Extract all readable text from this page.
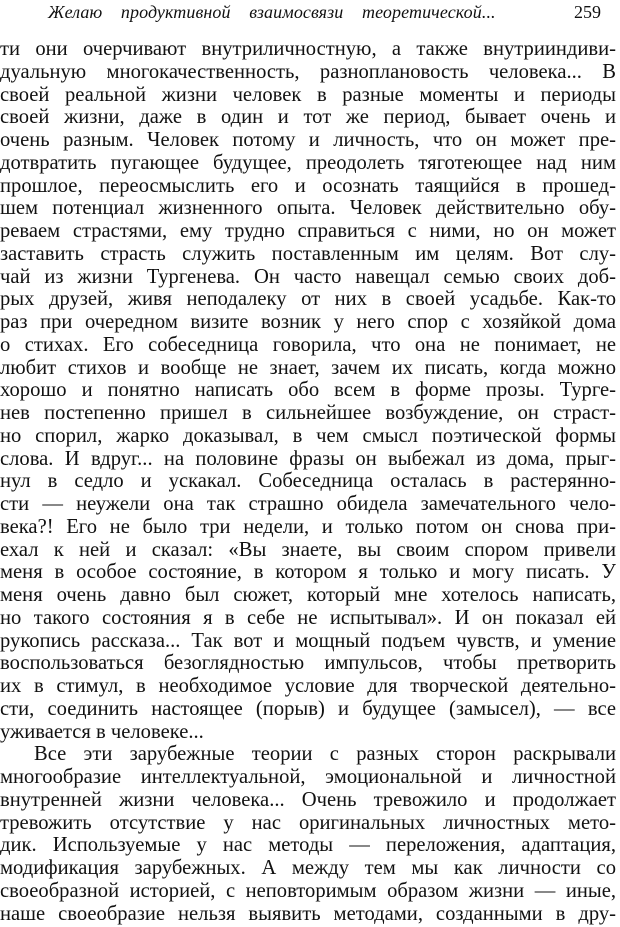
Желаю продуктивной взаимосвязи теоретической...	259
ти они очерчивают внутриличностную, а также внутрииндиви-
дуальную многокачественность, разноплановость человека... В
своей реальной жизни человек в разные моменты и периоды
своей жизни, даже в один и тот же период, бывает очень и
очень разным. Человек потому и личность, что он может пре-
дотвратить пугающее будущее, преодолеть тяготеющее над ним
прошлое, переосмыслить его и осознать таящийся в прошед-
шем потенциал жизненного опыта. Человек действительно обу-
реваем страстями, ему трудно справиться с ними, но он может
заставить страсть служить поставленным им целям. Вот слу-
чай из жизни Тургенева. Он часто навещал семью своих доб-
рых друзей, живя неподалеку от них в своей усадьбе. Как-то
раз при очередном визите возник у него спор с хозяйкой дома
о стихах. Его собеседница говорила, что она не понимает, не
любит стихов и вообще не знает, зачем их писать, когда можно
хорошо и понятно написать обо всем в форме прозы. Турге-
нев постепенно пришел в сильнейшее возбуждение, он страст-
но спорил, жарко доказывал, в чем смысл поэтической формы
слова. И вдруг... на половине фразы он выбежал из дома, прыг-
нул в седло и ускакал. Собеседница осталась в растерянно-
сти — неужели она так страшно обидела замечательного чело-
века?! Его не было три недели, и только потом он снова при-
ехал к ней и сказал: «Вы знаете, вы своим спором привели
меня в особое состояние, в котором я только и могу писать. У
меня очень давно был сюжет, который мне хотелось написать,
но такого состояния я в себе не испытывал». И он показал ей
рукопись рассказа... Так вот и мощный подъем чувств, и умение
воспользоваться безоглядностью импульсов, чтобы претворить
их в стимул, в необходимое условие для творческой деятельно-
сти, соединить настоящее (порыв) и будущее (замысел), — все
уживается в человеке...
Все эти зарубежные теории с разных сторон раскрывали
многообразие интеллектуальной, эмоциональной и личностной
внутренней жизни человека... Очень тревожило и продолжает
тревожить отсутствие у нас оригинальных личностных мето-
дик. Используемые у нас методы — переложения, адаптация,
модификация зарубежных. А между тем мы как личности со
своеобразной историей, с неповторимым образом жизни — иные,
наше своеобразие нельзя выявить методами, созданными в дру-
